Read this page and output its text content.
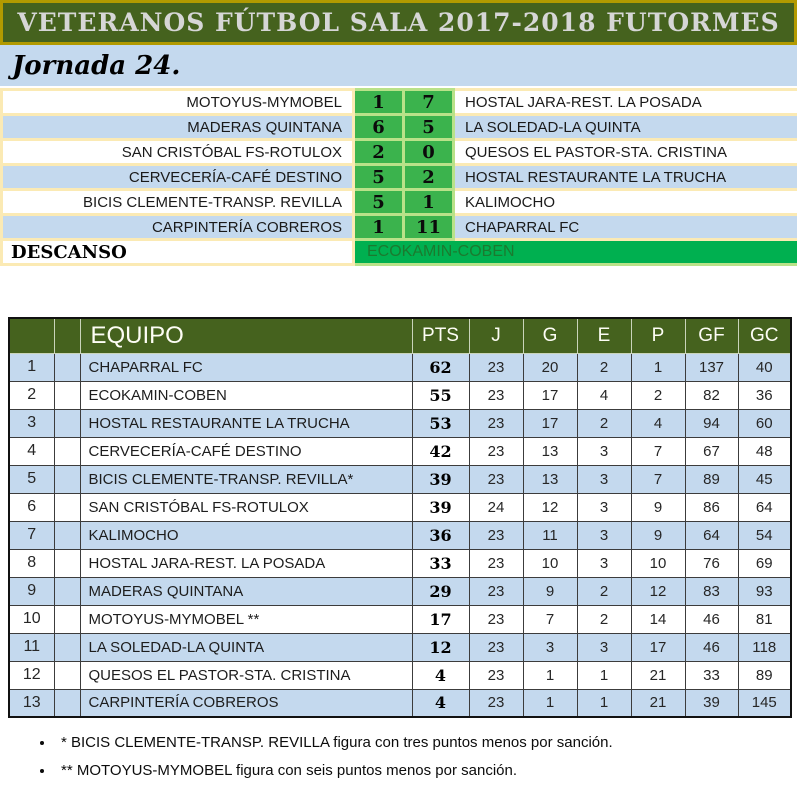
VETERANOS FÚTBOL SALA 2017-2018 FUTORMES
Jornada 24.
MOTOYUS-MYMOBEL	1	7	HOSTAL JARA-REST. LA POSADA
MADERAS QUINTANA	6	5	LA SOLEDAD-LA QUINTA
SAN CRISTÓBAL FS-ROTULOX	2	0	QUESOS EL PASTOR-STA. CRISTINA
CERVECERÍA-CAFÉ DESTINO	5	2	HOSTAL RESTAURANTE LA TRUCHA
BICIS CLEMENTE-TRANSP. REVILLA	5	1	KALIMOCHO
CARPINTERÍA COBREROS	1	11	CHAPARRAL FC
DESCANSO	ECOKAMIN-COBEN		
		EQUIPO	PTS	J	G	E	P	GF	GC
1		CHAPARRAL FC	62	23	20	2	1	137	40
2		ECOKAMIN-COBEN	55	23	17	4	2	82	36
3		HOSTAL RESTAURANTE LA TRUCHA	53	23	17	2	4	94	60
4		CERVECERÍA-CAFÉ DESTINO	42	23	13	3	7	67	48
5		BICIS CLEMENTE-TRANSP. REVILLA*	39	23	13	3	7	89	45
6		SAN CRISTÓBAL FS-ROTULOX	39	24	12	3	9	86	64
7		KALIMOCHO	36	23	11	3	9	64	54
8		HOSTAL JARA-REST. LA POSADA	33	23	10	3	10	76	69
9		MADERAS QUINTANA	29	23	9	2	12	83	93
10		MOTOYUS-MYMOBEL **	17	23	7	2	14	46	81
11		LA SOLEDAD-LA QUINTA	12	23	3	3	17	46	118
12		QUESOS EL PASTOR-STA. CRISTINA	4	23	1	1	21	33	89
13		CARPINTERÍA COBREROS	4	23	1	1	21	39	145
• * BICIS CLEMENTE-TRANSP. REVILLA figura con tres puntos menos por sanción.
• ** MOTOYUS-MYMOBEL figura con seis puntos menos por sanción.
